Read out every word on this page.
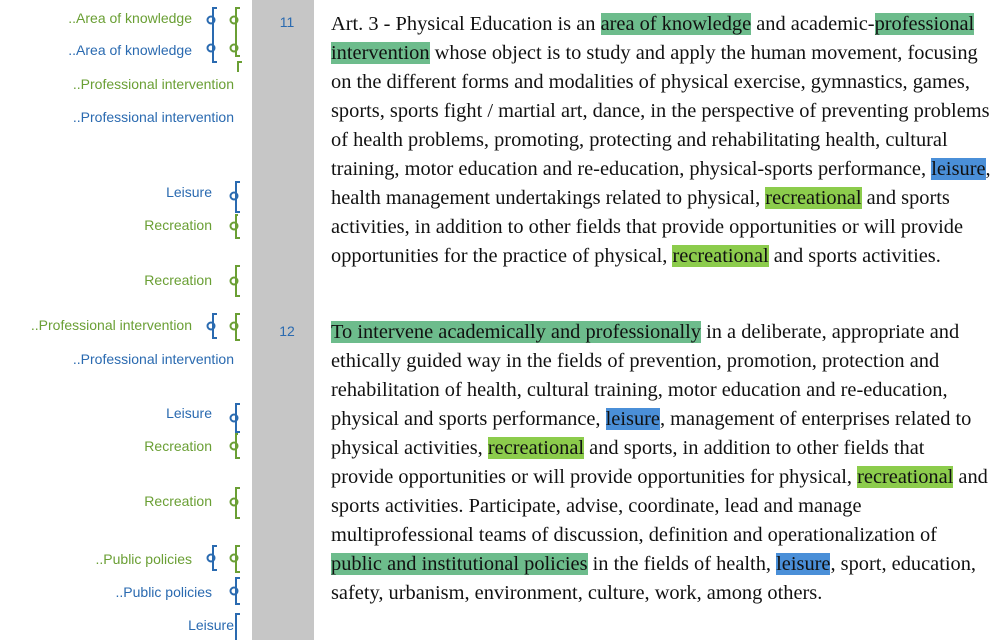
..Area of knowledge
..Area of knowledge
..Professional intervention
..Professional intervention
Leisure
Recreation
Recreation
..Professional intervention
..Professional intervention
Leisure
Recreation
Recreation
..Public policies
..Public policies
Leisure
11
12
Art. 3 - Physical Education is an area of knowledge and academic-professional intervention whose object is to study and apply the human movement, focusing on the different forms and modalities of physical exercise, gymnastics, games, sports, sports fight / martial art, dance, in the perspective of preventing problems of health problems, promoting, protecting and rehabilitating health, cultural training, motor education and re-education, physical-sports performance, leisure, health management undertakings related to physical, recreational and sports activities, in addition to other fields that provide opportunities or will provide opportunities for the practice of physical, recreational and sports activities.
To intervene academically and professionally in a deliberate, appropriate and ethically guided way in the fields of prevention, promotion, protection and rehabilitation of health, cultural training, motor education and re-education, physical and sports performance, leisure, management of enterprises related to physical activities, recreational and sports, in addition to other fields that provide opportunities or will provide opportunities for physical, recreational and sports activities. Participate, advise, coordinate, lead and manage multiprofessional teams of discussion, definition and operationalization of public and institutional policies in the fields of health, leisure, sport, education, safety, urbanism, environment, culture, work, among others.
